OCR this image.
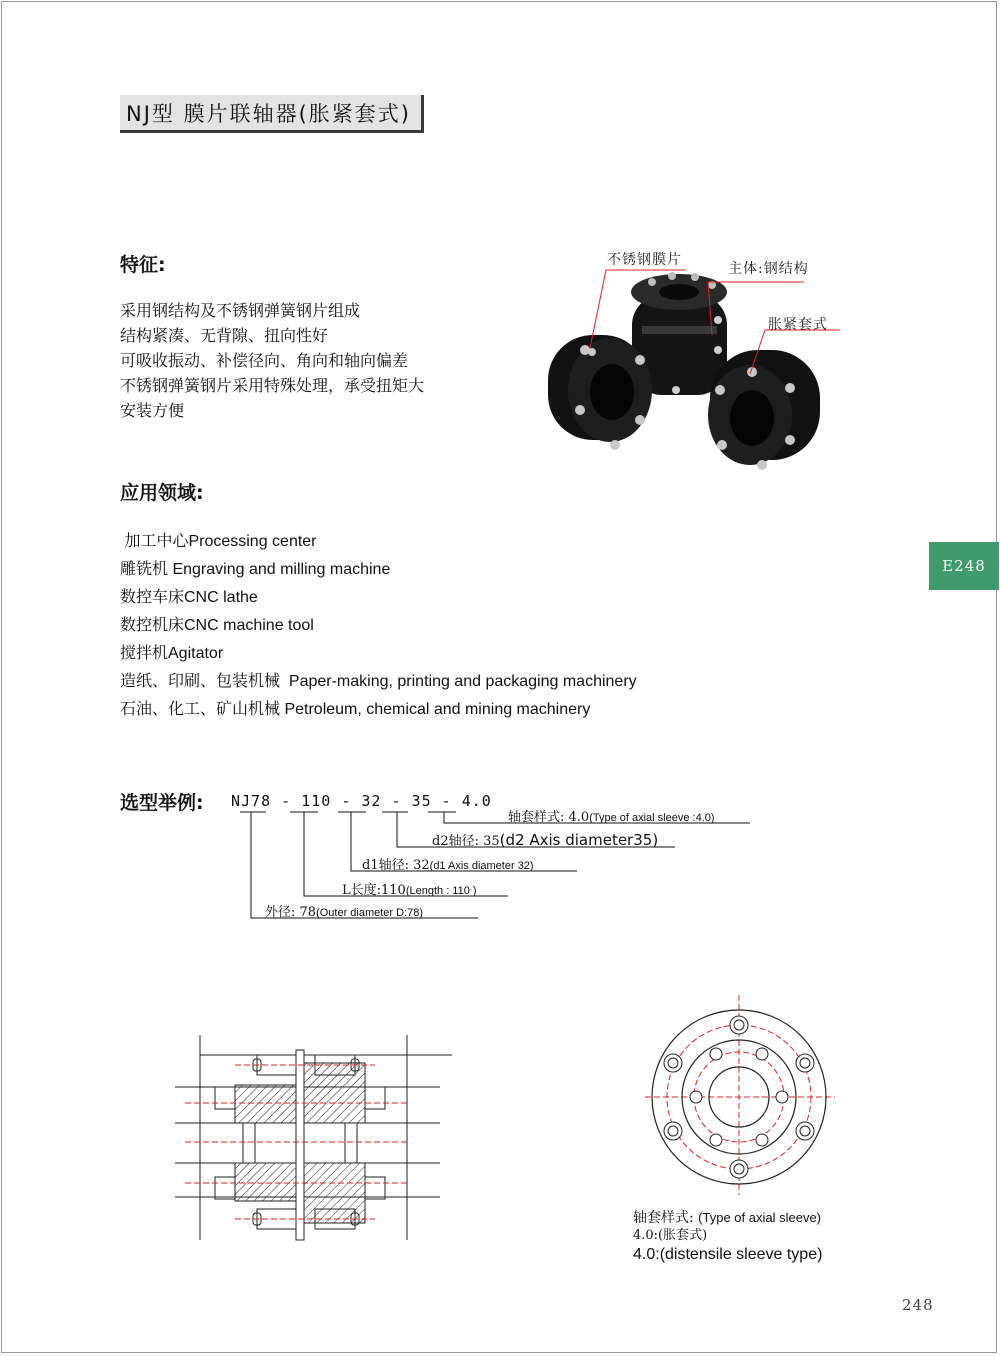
NJ型 膜片联轴器(胀紧套式)
特征:
采用钢结构及不锈钢弹簧钢片组成
结构紧凑、无背隙、扭向性好
可吸收振动、补偿径向、角向和轴向偏差
不锈钢弹簧钢片采用特殊处理，承受扭矩大
安装方便
不锈钢膜片
主体:钢结构
胀紧套式
应用领域:
加工中心Processing center
雕铣机 Engraving and milling machine
数控车床CNC lathe
数控机床CNC machine tool
搅拌机Agitator
造纸、印刷、包装机械  Paper-making, printing and packaging machinery
石油、化工、矿山机械 Petroleum, chemical and mining machinery
E248
选型举例: NJ78 - 110 - 32 - 35 - 4.0
轴套样式: 4.0(Type of axial sleeve :4.0)
d2轴径: 35(d2 Axis diameter35)
d1轴径: 32(d1 Axis diameter 32)
L长度:110(Length : 110 )
外径: 78(Outer diameter D:78)
轴套样式: (Type of axial sleeve)
4.0:(胀套式)
4.0:(distensile sleeve type)
248
